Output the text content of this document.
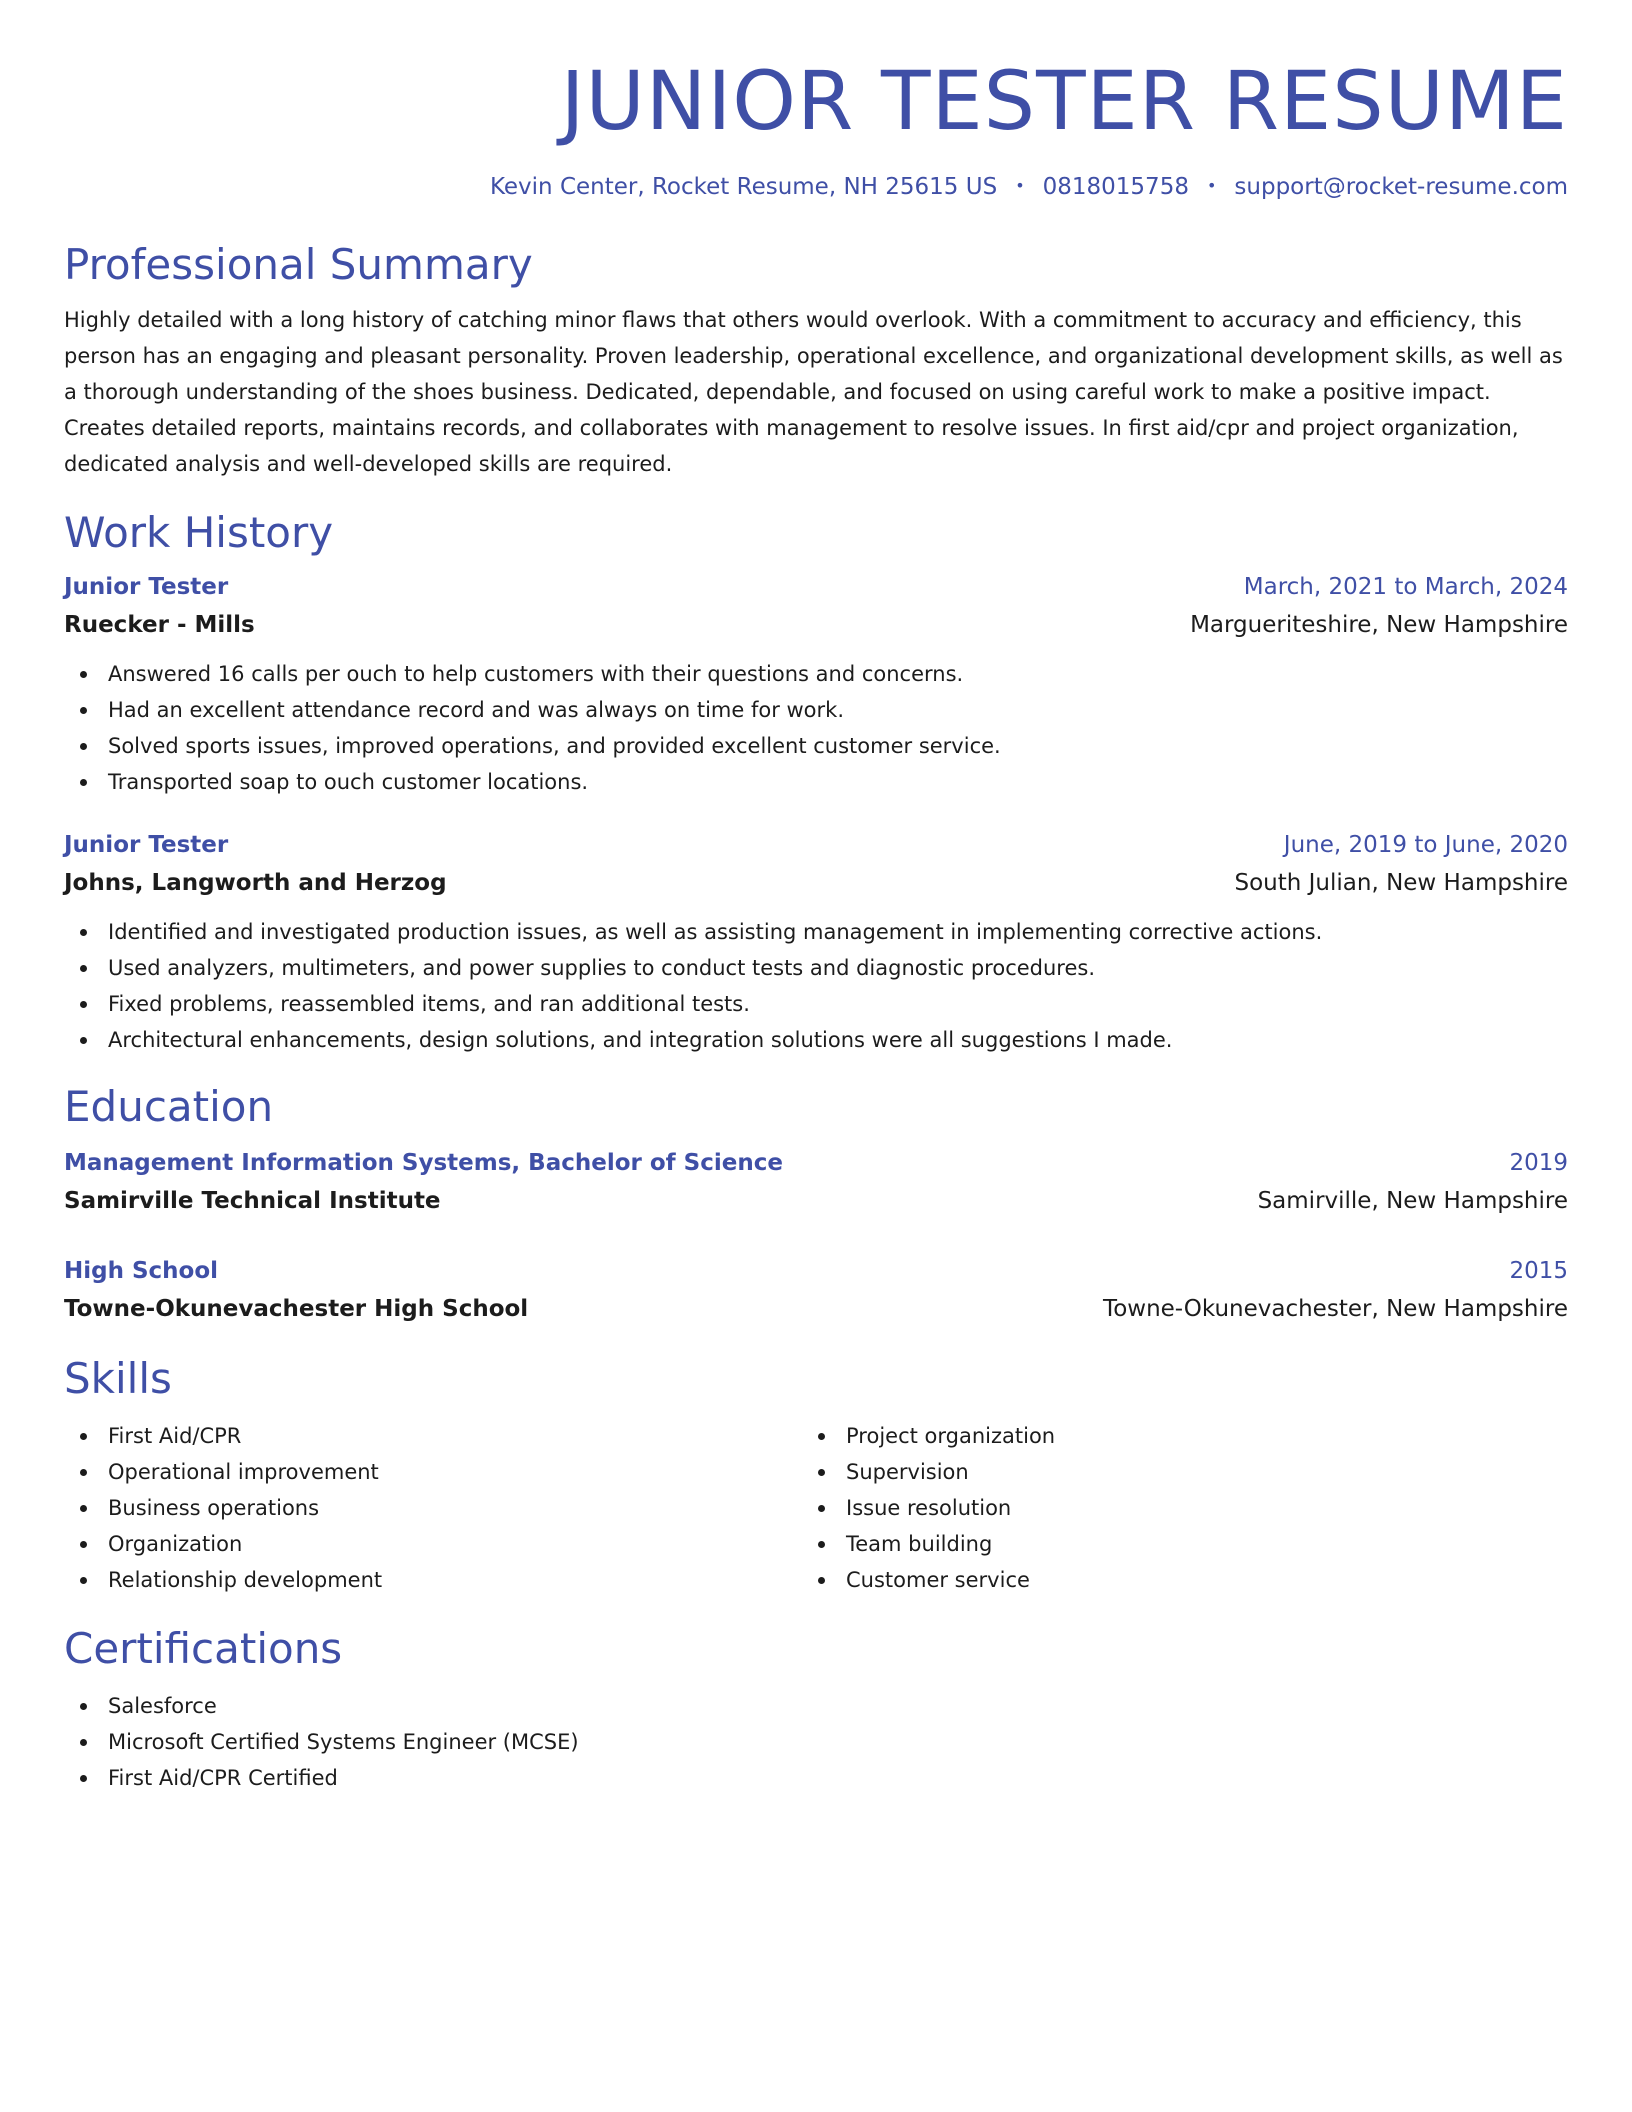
JUNIOR TESTER RESUME
Kevin Center, Rocket Resume, NH 25615 US • 0818015758 • support@rocket-resume.com
Professional Summary

Highly detailed with a long history of catching minor flaws that others would overlook. With a commitment to accuracy and efficiency, this person has an engaging and pleasant personality. Proven leadership, operational excellence, and organizational development skills, as well as a thorough understanding of the shoes business. Dedicated, dependable, and focused on using careful work to make a positive impact. Creates detailed reports, maintains records, and collaborates with management to resolve issues. In first aid/cpr and project organization, dedicated analysis and well-developed skills are required.

Work History
Junior Tester	March, 2021 to March, 2024
Ruecker - Mills	Margueriteshire, New Hampshire
Answered 16 calls per ouch to help customers with their questions and concerns.
Had an excellent attendance record and was always on time for work.
Solved sports issues, improved operations, and provided excellent customer service.
Transported soap to ouch customer locations.
Junior Tester	June, 2019 to June, 2020
Johns, Langworth and Herzog	South Julian, New Hampshire
Identified and investigated production issues, as well as assisting management in implementing corrective actions.
Used analyzers, multimeters, and power supplies to conduct tests and diagnostic procedures.
Fixed problems, reassembled items, and ran additional tests.
Architectural enhancements, design solutions, and integration solutions were all suggestions I made.
Education
Management Information Systems, Bachelor of Science	2019
Samirville Technical Institute	Samirville, New Hampshire
High School	2015
Towne-Okunevachester High School	Towne-Okunevachester, New Hampshire
Skills
First Aid/CPR
Operational improvement
Business operations
Organization
Relationship development
Project organization
Supervision
Issue resolution
Team building
Customer service
Certifications
Salesforce
Microsoft Certified Systems Engineer (MCSE)
First Aid/CPR Certified
